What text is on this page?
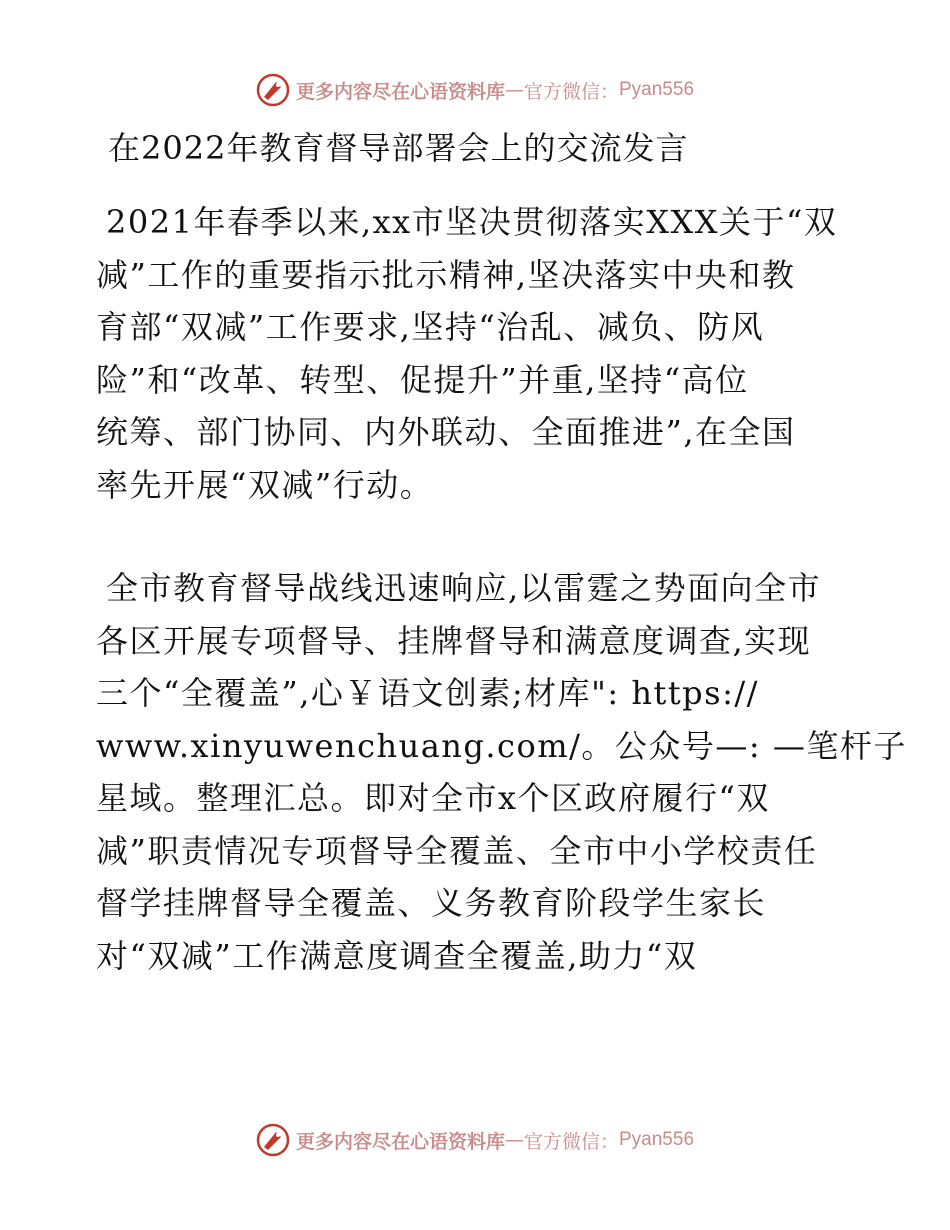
更多内容尽在心语资料库 — 官方微信： Pyan556
在2022年教育督导部署会上的交流发言
2021年春季以来,xx市坚决贯彻落实XXX关于“双
减”工作的重要指示批示精神,坚决落实中央和教
育部“双减”工作要求,坚持“治乱、减负、防风
险”和“改革、转型、促提升”并重,坚持“高位
统筹、部门协同、内外联动、全面推进”,在全国
率先开展“双减”行动。
全市教育督导战线迅速响应,以雷霆之势面向全市
各区开展专项督导、挂牌督导和满意度调查,实现
三个“全覆盖”,心￥语文创素;材库": https://
www.xinyuwenchuang.com/。公众号—: —笔杆子
星域。整理汇总。即对全市x个区政府履行“双
减”职责情况专项督导全覆盖、全市中小学校责任
督学挂牌督导全覆盖、义务教育阶段学生家长
对“双减”工作满意度调查全覆盖,助力“双
更多内容尽在心语资料库 — 官方微信： Pyan556
